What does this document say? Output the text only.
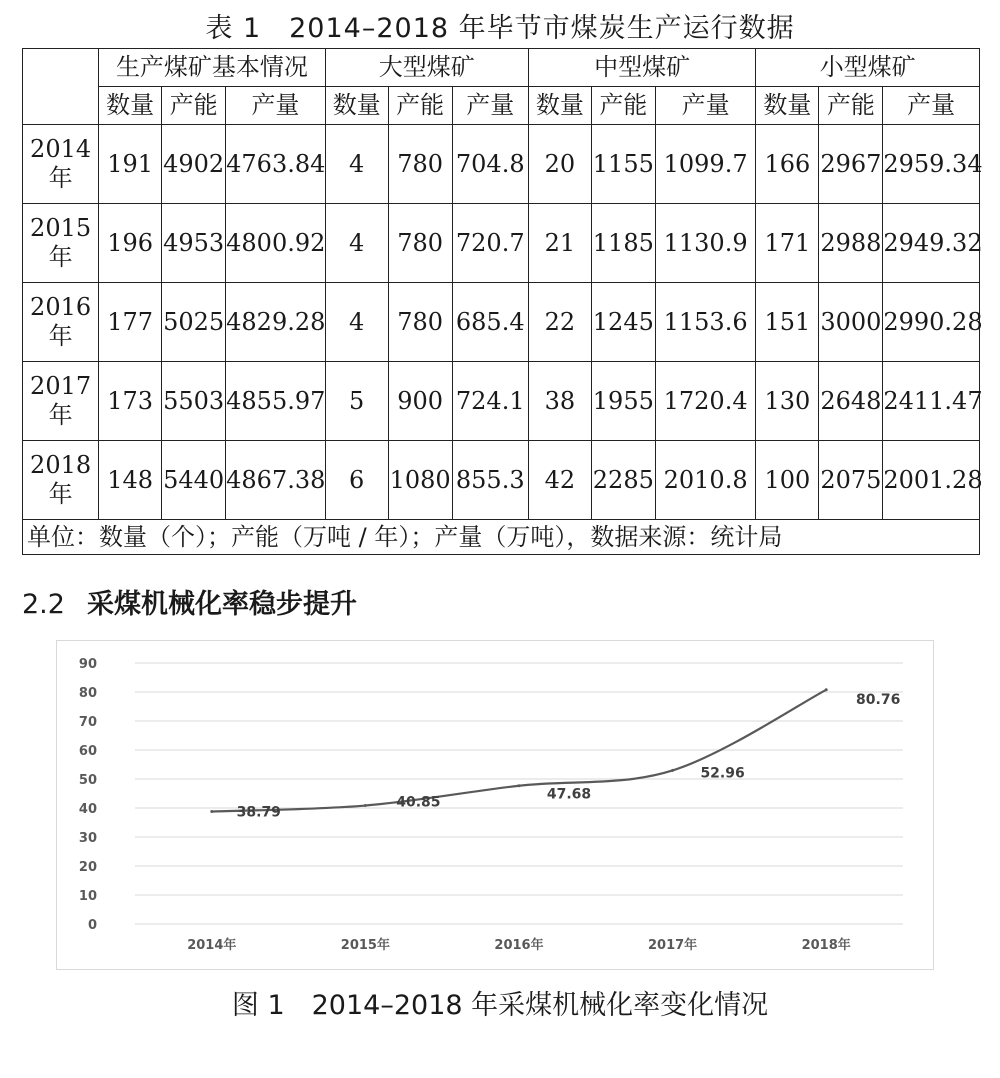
表 1　2014–2018 年毕节市煤炭生产运行数据
	生产煤矿基本情况			大型煤矿			中型煤矿			小型煤矿		
	数量	产能	产量	数量	产能	产量	数量	产能	产量	数量	产能	产量

2014
年	191	4902	4763.84	4	780	704.8	20	1155	1099.7	166	2967	2959.34

2015
年	196	4953	4800.92	4	780	720.7	21	1185	1130.9	171	2988	2949.32

2016
年	177	5025	4829.28	4	780	685.4	22	1245	1153.6	151	3000	2990.28

2017
年	173	5503	4855.97	5	900	724.1	38	1955	1720.4	130	2648	2411.47

2018
年	148	5440	4867.38	6	1080	855.3	42	2285	2010.8	100	2075	2001.28
单位：数量（个）；产能（万吨 / 年）；产量（万吨），数据来源：统计局												
2.2 采煤机械化率稳步提升
0
10
20
30
40
50
60
70
80
90
2014年	2015年	2016年	2017年	2018年
38.79
40.85	47.68
52.96
80.76
图 1　2014–2018 年采煤机械化率变化情况
